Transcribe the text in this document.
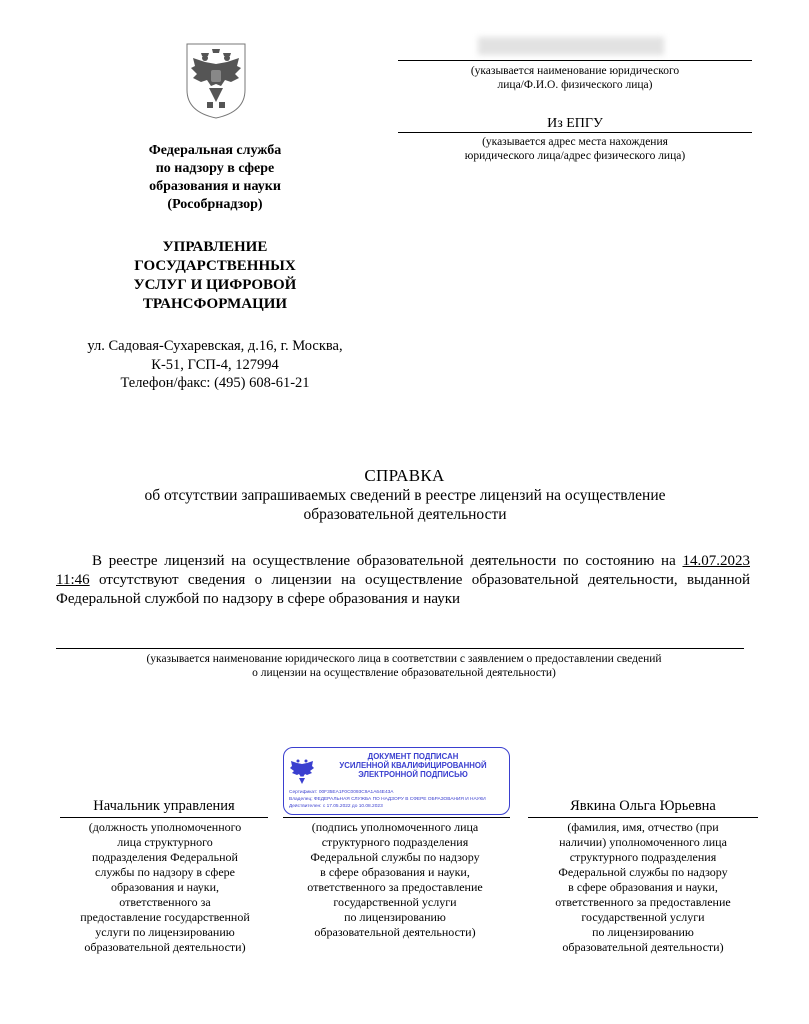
Федеральная служба
по надзору в сфере
образования и науки
(Рособрнадзор)
УПРАВЛЕНИЕ
ГОСУДАРСТВЕННЫХ
УСЛУГ И ЦИФРОВОЙ
ТРАНСФОРМАЦИИ
ул. Садовая-Сухаревская, д.16, г. Москва,
К-51, ГСП-4, 127994
Телефон/факс: (495) 608-61-21
(указывается наименование юридического
лица/Ф.И.О. физического лица)
Из ЕПГУ
(указывается адрес места нахождения
юридического лица/адрес физического лица)
СПРАВКА
об отсутствии запрашиваемых сведений в реестре лицензий на осуществление
образовательной деятельности

В реестре лицензий на осуществление образовательной деятельности по состоянию на 14.07.2023 11:46 отсутствуют сведения о лицензии на осуществление образовательной деятельности, выданной Федеральной службой по надзору в сфере образования и науки

(указывается наименование юридического лица в соответствии с заявлением о предоставлении сведений
о лицензии на осуществление образовательной деятельности)
ДОКУМЕНТ ПОДПИСАН
УСИЛЕННОЙ КВАЛИФИЦИРОВАННОЙ
ЭЛЕКТРОННОЙ ПОДПИСЬЮ
Сертификат: 00F35EA1F0C0093C9A1A64E43A
Владелец: ФЕДЕРАЛЬНАЯ СЛУЖБА ПО НАДЗОРУ В СФЕРЕ ОБРАЗОВАНИЯ И НАУКИ
Действителен: с 17.05.2022 до 10.08.2023
Начальник управления	Явкина Ольга Юрьевна
(должность уполномоченного
лица структурного
подразделения Федеральной
службы по надзору в сфере
образования и науки,
ответственного за
предоставление государственной
услуги по лицензированию
образовательной деятельности)
(подпись уполномоченного лица
структурного подразделения
Федеральной службы по надзору
в сфере образования и науки,
ответственного за предоставление
государственной услуги
по лицензированию
образовательной деятельности)
(фамилия, имя, отчество (при
наличии) уполномоченного лица
структурного подразделения
Федеральной службы по надзору
в сфере образования и науки,
ответственного за предоставление
государственной услуги
по лицензированию
образовательной деятельности)
